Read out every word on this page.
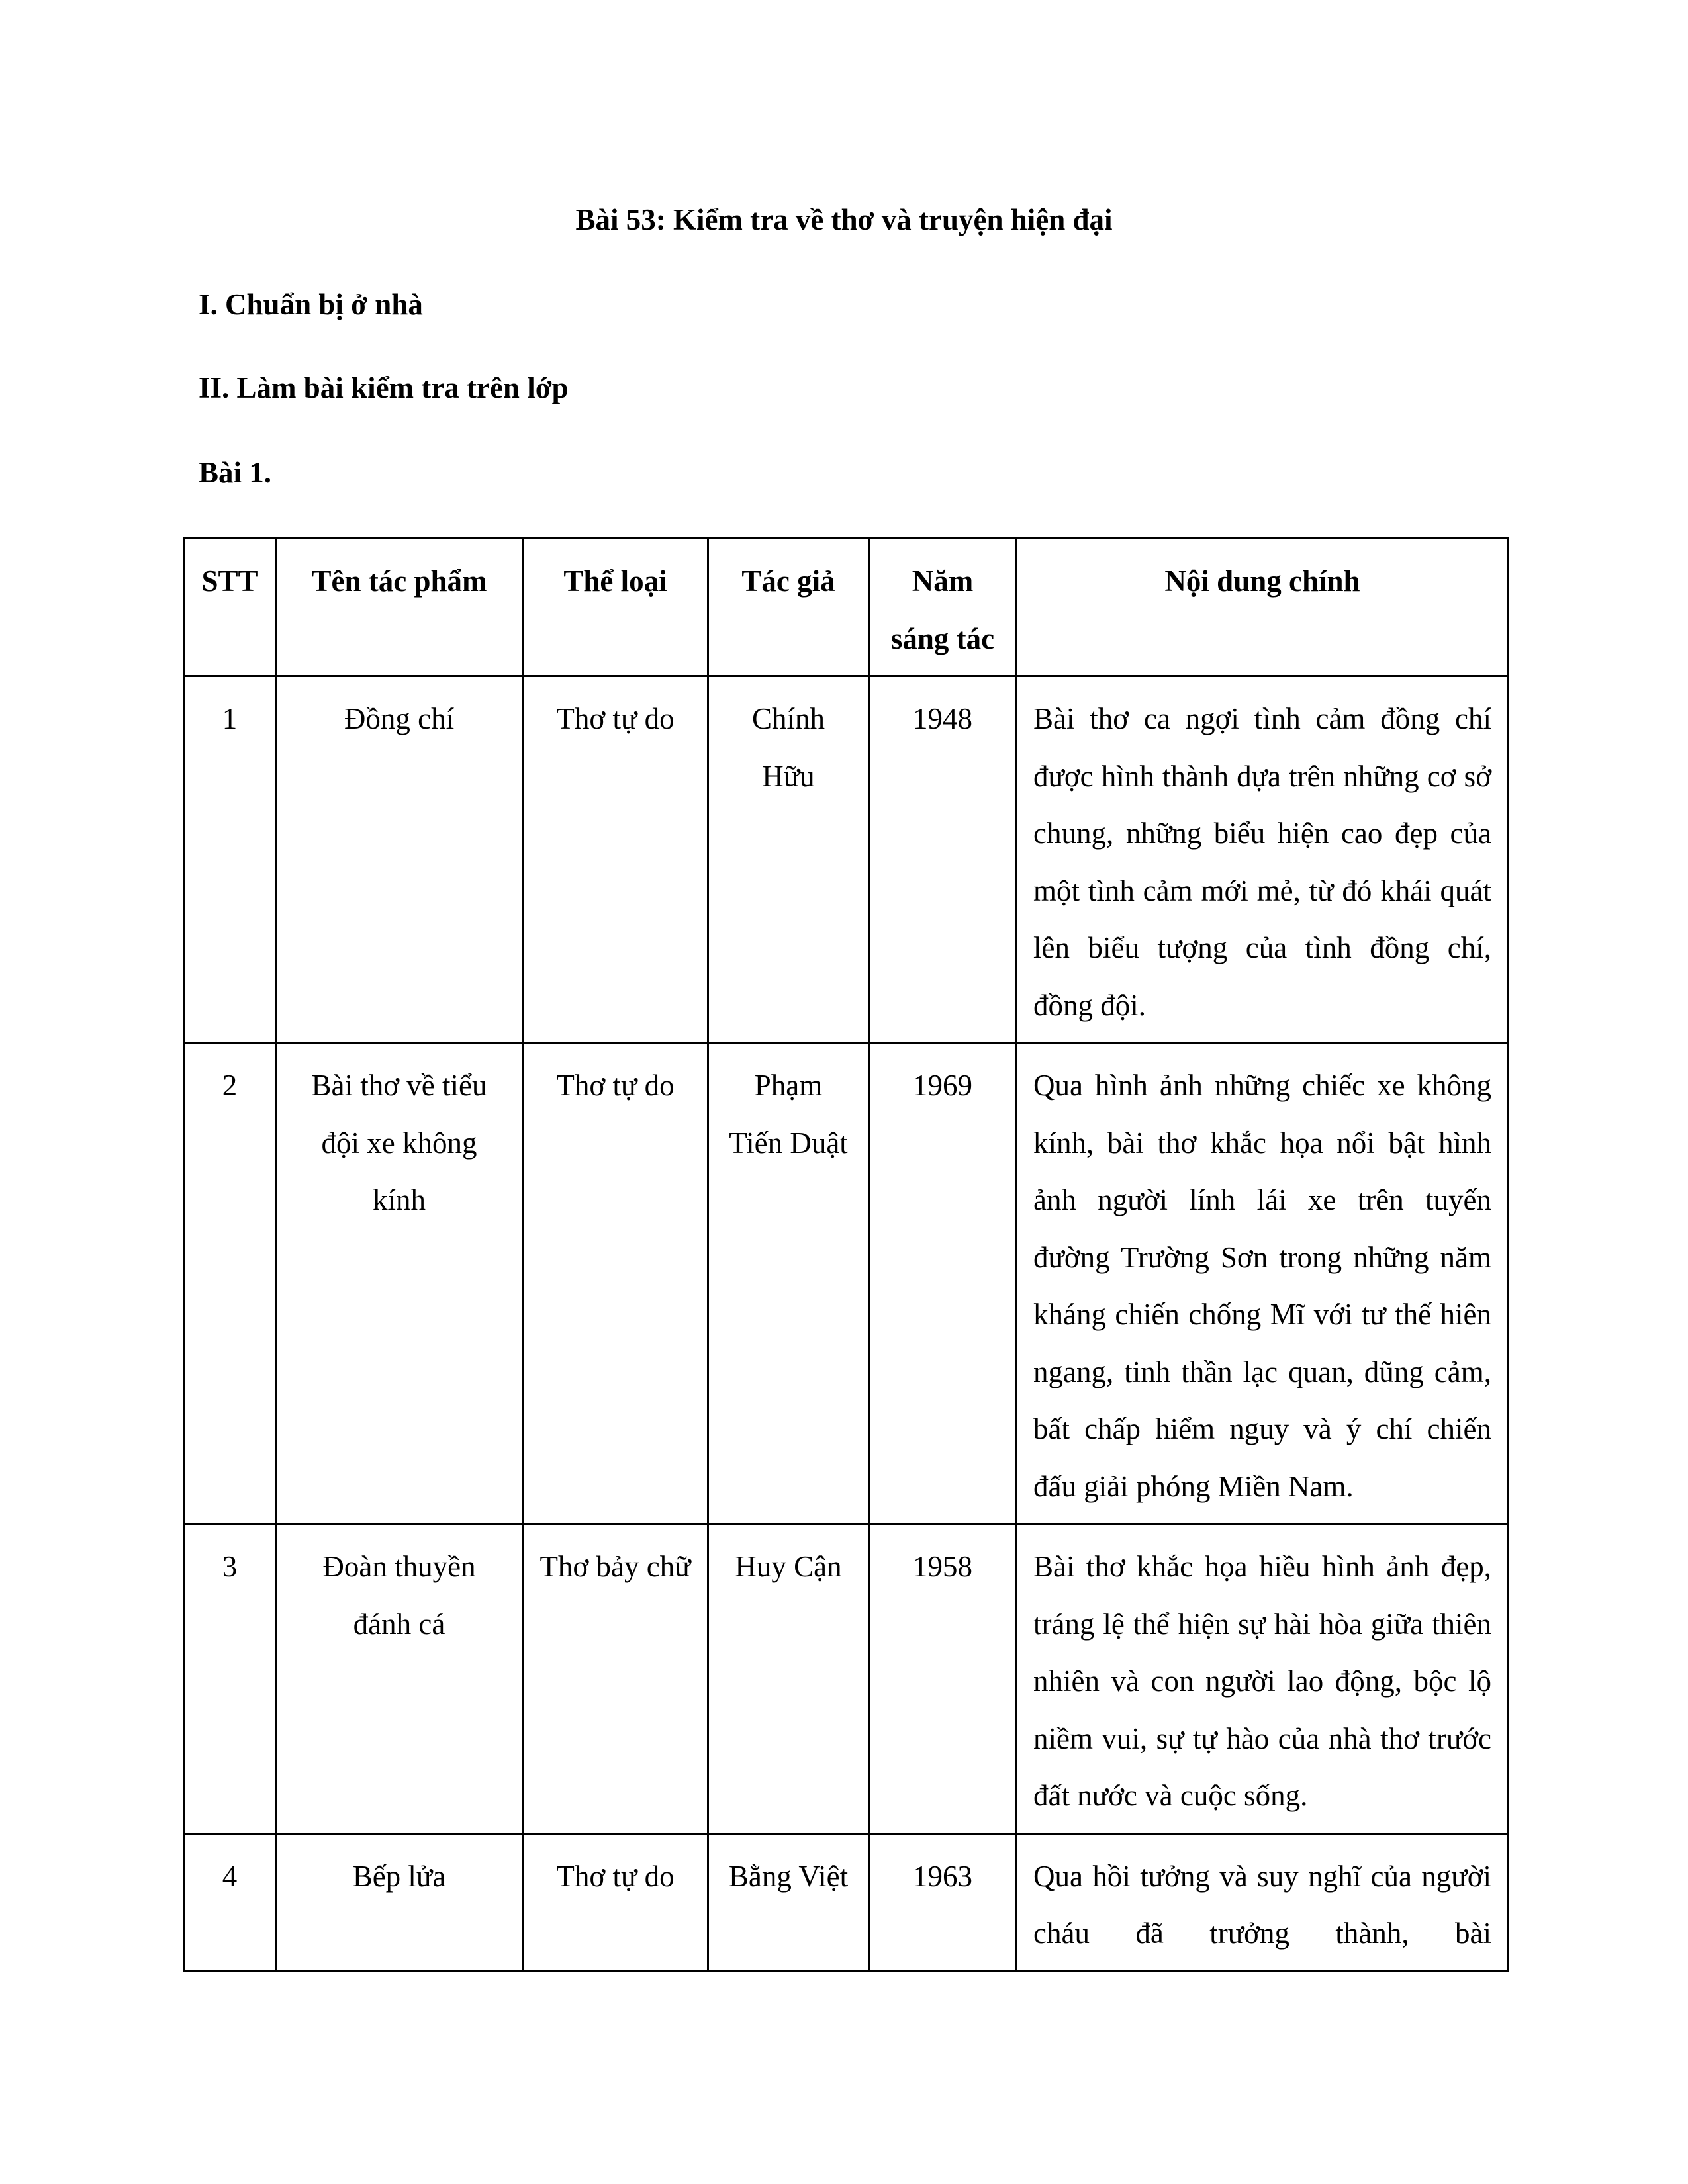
Bài 53: Kiểm tra về thơ và truyện hiện đại

I. Chuẩn bị ở nhà

II. Làm bài kiểm tra trên lớp

Bài 1.

STT	Tên tác phẩm	Thể loại	Tác giả	Năm sáng tác	Nội dung chính
1	Đồng chí	Thơ tự do	Chính Hữu	1948	Bài thơ ca ngợi tình cảm đồng chí được hình thành dựa trên những cơ sở chung, những biểu hiện cao đẹp của một tình cảm mới mẻ, từ đó khái quát lên biểu tượng của tình đồng chí, đồng đội.
2	Bài thơ về tiểu đội xe không kính	Thơ tự do	Phạm Tiến Duật	1969	Qua hình ảnh những chiếc xe không kính, bài thơ khắc họa nổi bật hình ảnh người lính lái xe trên tuyến đường Trường Sơn trong những năm kháng chiến chống Mĩ với tư thế hiên ngang, tinh thần lạc quan, dũng cảm, bất chấp hiểm nguy và ý chí chiến đấu giải phóng Miền Nam.
3	Đoàn thuyền đánh cá	Thơ bảy chữ	Huy Cận	1958	Bài thơ khắc họa hiều hình ảnh đẹp, tráng lệ thể hiện sự hài hòa giữa thiên nhiên và con người lao động, bộc lộ niềm vui, sự tự hào của nhà thơ trước đất nước và cuộc sống.

4	Bếp lửa	Thơ tự do	Bằng Việt	1963	Qua hồi tưởng và suy nghĩ của người cháu đã trưởng thành, bài
